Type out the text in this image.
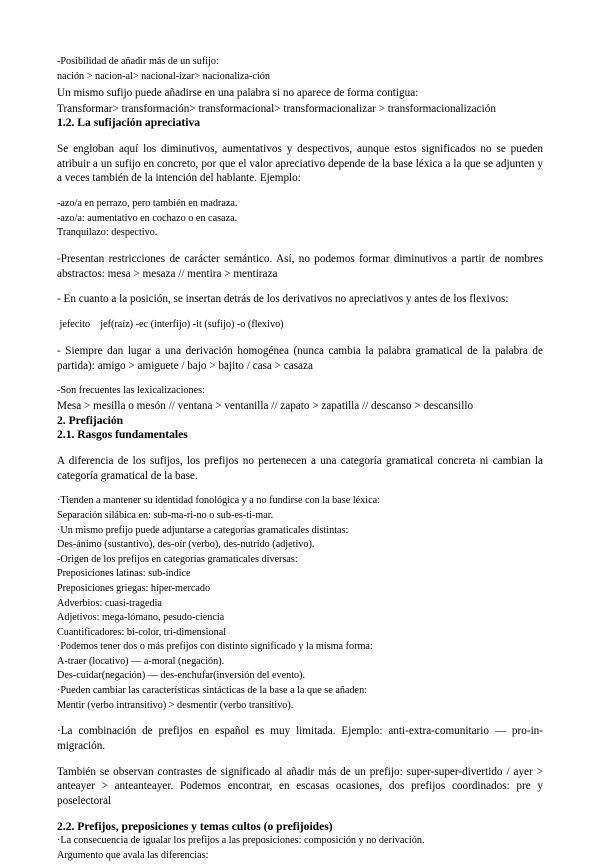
-Posibilidad de añadir más de un sufijo:

nación > nacion-al> nacional-izar> nacionaliza-ción

Un mismo sufijo puede añadirse en una palabra si no aparece de forma contigua:

Transformar> transformación> transformacional> transformacionalizar > transformacionalización

1.2. La sufijación apreciativa

Se engloban aquí los diminutivos, aumentativos y despectivos, aunque estos significados no se pueden atribuir a un sufijo en concreto, por que el valor apreciativo depende de la base léxica a la que se adjunten y a veces también de la intención del hablante. Ejemplo:

-azo/a en perrazo, pero también en madraza.

-azo/a: aumentativo en cochazo o en casaza.

Tranquilazo: despectivo.

-Presentan restricciones de carácter semántico. Así, no podemos formar diminutivos a partir de nombres abstractos: mesa > mesaza // mentira > mentiraza

- En cuanto a la posición, se insertan detrás de los derivativos no apreciativos y antes de los flexivos:

jefecito    jef(raíz) -ec (interfijo) -it (sufijo) -o (flexivo)

- Siempre dan lugar a una derivación homogénea (nunca cambia la palabra gramatical de la palabra de partida): amigo > amiguete / bajo > bajito / casa > casaza

-Son frecuentes las lexicalizaciones:

Mesa > mesilla o mesón // ventana > ventanilla // zapato > zapatilla // descanso > descansillo

2. Prefijación

2.1. Rasgos fundamentales

A diferencia de los sufijos, los prefijos no pertenecen a una categoría gramatical concreta ni cambian la categoría gramatical de la base.

·Tienden a mantener su identidad fonológica y a no fundirse con la base léxica:

Separación silábica en: sub-ma-ri-no o sub-es-ti-mar.

·Un mismo prefijo puede adjuntarse a categorías gramaticales distintas:

Des-ánimo (sustantivo), des-oír (verbo), des-nutrido (adjetivo).

-Origen de los prefijos en categorías gramaticales diversas:

Preposiciones latinas: sub-índice

Preposiciones griegas: híper-mercado

Adverbios: cuasi-tragedia

Adjetivos: mega-lómano, pesudo-ciencia

Cuantificadores: bi-color, tri-dimensional

·Podemos tener dos o más prefijos con distinto significado y la misma forma:

A-traer (locativo) — a-moral (negación).

Des-cuidar(negación) — des-enchufar(inversión del evento).

·Pueden cambiar las características sintácticas de la base a la que se añaden:

Mentir (verbo intransitivo) > desmentir (verbo transitivo).

·La combinación de prefijos en español es muy limitada. Ejemplo: anti-extra-comunitario — pro-in-migración.

También se observan contrastes de significado al añadir más de un prefijo: super-super-divertido / ayer > anteayer > anteanteayer. Podemos encontrar, en escasas ocasiones, dos prefijos coordinados: pre y poselectoral

2.2. Prefijos, preposiciones y temas cultos (o prefijoides)

·La consecuencia de igualar los prefijos a las preposiciones: composición y no derivación.

Argumento que avala las diferencias:
